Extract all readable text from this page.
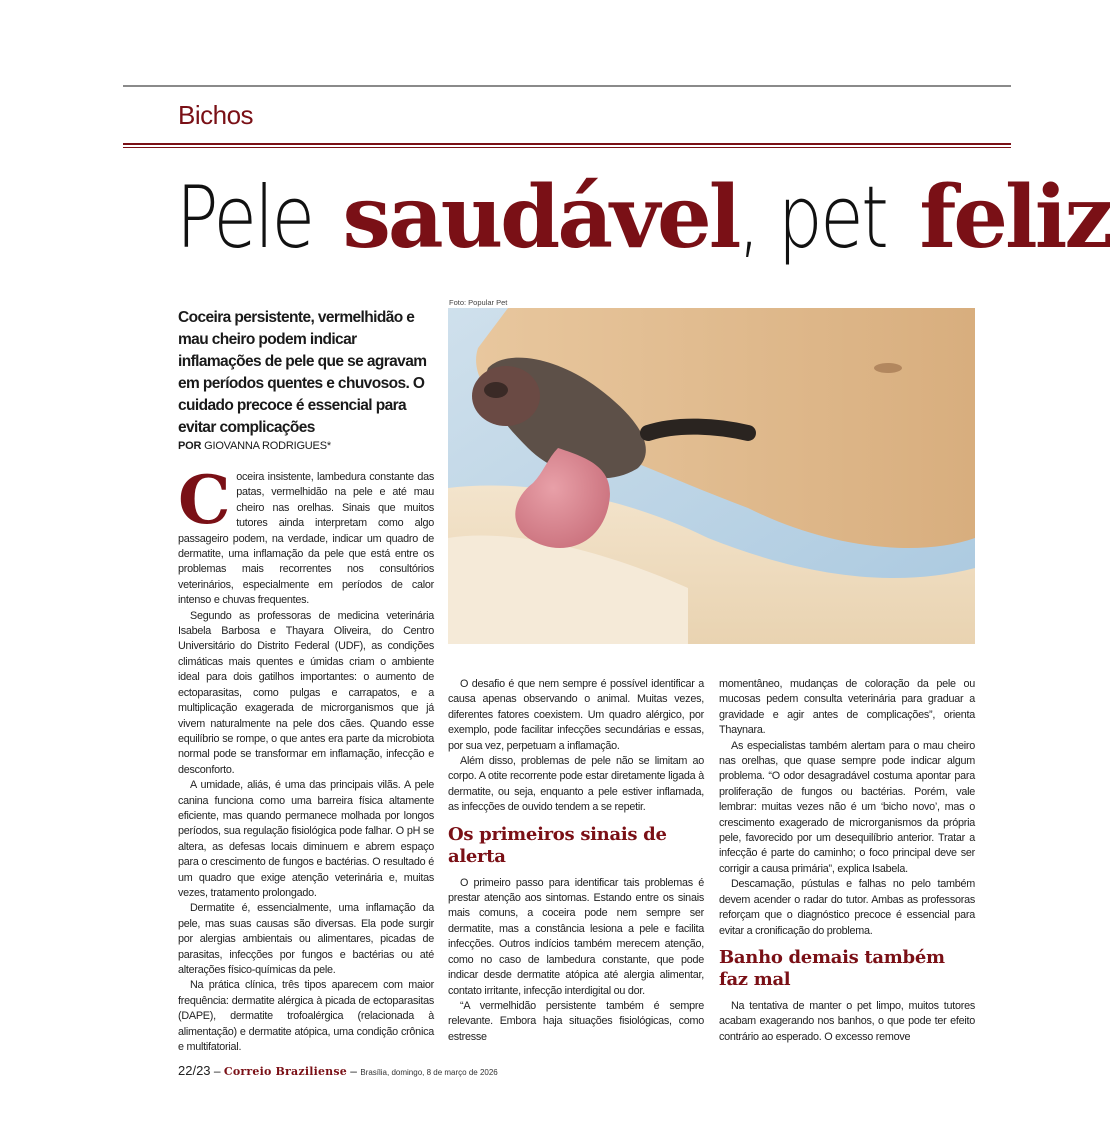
Bichos
Pelesaudável, petfeliz
Coceira persistente, vermelhidão e mau cheiro podem indicar inflamações de pele que se agravam em períodos quentes e chuvosos. O cuidado precoce é essencial para evitar complicações
POR GIOVANNA RODRIGUES*
Foto: Popular Pet

Coceira insistente, lambedura constante das patas, vermelhidão na pele e até mau cheiro nas orelhas. Sinais que muitos tutores ainda interpretam como algo passageiro podem, na verdade, indicar um quadro de dermatite, uma inflamação da pele que está entre os problemas mais recorrentes nos consultórios veterinários, especialmente em períodos de calor intenso e chuvas frequentes.

Segundo as professoras de medicina veterinária Isabela Barbosa e Thayara Oliveira, do Centro Universitário do Distrito Federal (UDF), as condições climáticas mais quentes e úmidas criam o ambiente ideal para dois gatilhos importantes: o aumento de ectoparasitas, como pulgas e carrapatos, e a multiplicação exagerada de microrganismos que já vivem naturalmente na pele dos cães. Quando esse equilíbrio se rompe, o que antes era parte da microbiota normal pode se transformar em inflamação, infecção e desconforto.

A umidade, aliás, é uma das principais vilãs. A pele canina funciona como uma barreira física altamente eficiente, mas quando permanece molhada por longos períodos, sua regulação fisiológica pode falhar. O pH se altera, as defesas locais diminuem e abrem espaço para o crescimento de fungos e bactérias. O resultado é um quadro que exige atenção veterinária e, muitas vezes, tratamento prolongado.

Dermatite é, essencialmente, uma inflamação da pele, mas suas causas são diversas. Ela pode surgir por alergias ambientais ou alimentares, picadas de parasitas, infecções por fungos e bactérias ou até alterações físico-químicas da pele.

Na prática clínica, três tipos aparecem com maior frequência: dermatite alérgica à picada de ectoparasitas (DAPE), dermatite trofoalérgica (relacionada à alimentação) e dermatite atópica, uma condição crônica e multifatorial.

O desafio é que nem sempre é possível identificar a causa apenas observando o animal. Muitas vezes, diferentes fatores coexistem. Um quadro alérgico, por exemplo, pode facilitar infecções secundárias e essas, por sua vez, perpetuam a inflamação.

Além disso, problemas de pele não se limitam ao corpo. A otite recorrente pode estar diretamente ligada à dermatite, ou seja, enquanto a pele estiver inflamada, as infecções de ouvido tendem a se repetir.

Os primeiros sinais de alerta

O primeiro passo para identificar tais problemas é prestar atenção aos sintomas. Estando entre os sinais mais comuns, a coceira pode nem sempre ser dermatite, mas a constância lesiona a pele e facilita infecções. Outros indícios também merecem atenção, como no caso de lambedura constante, que pode indicar desde dermatite atópica até alergia alimentar, contato irritante, infecção interdigital ou dor.

“A vermelhidão persistente também é sempre relevante. Embora haja situações fisiológicas, como estresse

momentâneo, mudanças de coloração da pele ou mucosas pedem consulta veterinária para graduar a gravidade e agir antes de complicações”, orienta Thaynara.

As especialistas também alertam para o mau cheiro nas orelhas, que quase sempre pode indicar algum problema. “O odor desagradável costuma apontar para proliferação de fungos ou bactérias. Porém, vale lembrar: muitas vezes não é um ‘bicho novo’, mas o crescimento exagerado de microrganismos da própria pele, favorecido por um desequilíbrio anterior. Tratar a infecção é parte do caminho; o foco principal deve ser corrigir a causa primária”, explica Isabela.

Descamação, pústulas e falhas no pelo também devem acender o radar do tutor. Ambas as professoras reforçam que o diagnóstico precoce é essencial para evitar a cronificação do problema.

Banho demais também faz mal

Na tentativa de manter o pet limpo, muitos tutores acabam exagerando nos banhos, o que pode ter efeito contrário ao esperado. O excesso remove

22/23 – Correio Braziliense – Brasília, domingo, 8 de março de 2026
